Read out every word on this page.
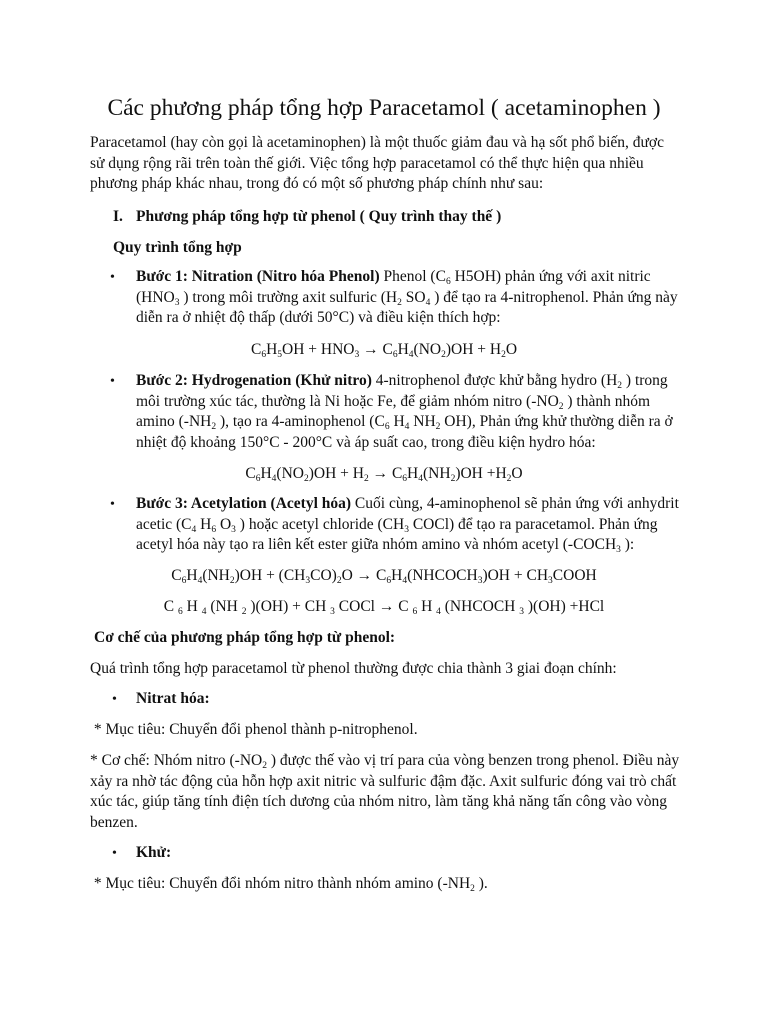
Các phương pháp tổng hợp Paracetamol ( acetaminophen )
Paracetamol (hay còn gọi là acetaminophen) là một thuốc giảm đau và hạ sốt phổ biến, được sử dụng rộng rãi trên toàn thế giới. Việc tổng hợp paracetamol có thể thực hiện qua nhiều phương pháp khác nhau, trong đó có một số phương pháp chính như sau:
I. Phương pháp tổng hợp từ phenol ( Quy trình thay thế )
Quy trình tổng hợp
• Bước 1: Nitration (Nitro hóa Phenol) Phenol ($C_6$ H5OH) phản ứng với axit nitric ($HNO_3$ ) trong môi trường axit sulfuric ($H_2$ $SO_4$ ) để tạo ra 4-nitrophenol. Phản ứng này diễn ra ở nhiệt độ thấp (dưới 50°C) và điều kiện thích hợp:
$C_6H_5OH + HNO_3 \to C_6H_4(NO_2)OH + H_2O$
• Bước 2: Hydrogenation (Khử nitro) 4-nitrophenol được khử bằng hydro ($H_2$ ) trong môi trường xúc tác, thường là Ni hoặc Fe, để giảm nhóm nitro ($-NO_2$ ) thành nhóm amino ($-NH_2$ ), tạo ra 4-aminophenol ($C_6$ $H_4$ $NH_2$ OH), Phản ứng khử thường diễn ra ở nhiệt độ khoảng 150°C - 200°C và áp suất cao, trong điều kiện hydro hóa:
$C_6H_4(NO_2)OH + H_2 \to C_6H_4(NH_2)OH +H_2O$
• Bước 3: Acetylation (Acetyl hóa) Cuối cùng, 4-aminophenol sẽ phản ứng với anhydrit acetic ($C_4$ $H_6$ $O_3$ ) hoặc acetyl chloride ($CH_3$ COCl) để tạo ra paracetamol. Phản ứng acetyl hóa này tạo ra liên kết ester giữa nhóm amino và nhóm acetyl ($-COCH_3$ ):
$C_6H_4(NH_2)OH + (CH_3CO)_2O$ → $C_6H_4(NHCOCH_3)OH$ + $CH_3COOH$
C $_6$ H $_4$ (NH $_2$ )(OH) + CH $_3$ COCl → C $_6$ H $_4$ (NHCOCH $_3$ )(OH) +HCl
Cơ chế của phương pháp tổng hợp từ phenol:
Quá trình tổng hợp paracetamol từ phenol thường được chia thành 3 giai đoạn chính:
• Nitrat hóa:
* Mục tiêu: Chuyển đổi phenol thành p-nitrophenol.
* Cơ chế: Nhóm nitro ($-NO_2$ ) được thế vào vị trí para của vòng benzen trong phenol. Điều này xảy ra nhờ tác động của hỗn hợp axit nitric và sulfuric đậm đặc. Axit sulfuric đóng vai trò chất xúc tác, giúp tăng tính điện tích dương của nhóm nitro, làm tăng khả năng tấn công vào vòng benzen.
• Khử:
* Mục tiêu: Chuyển đổi nhóm nitro thành nhóm amino ($-NH_2$ ).
